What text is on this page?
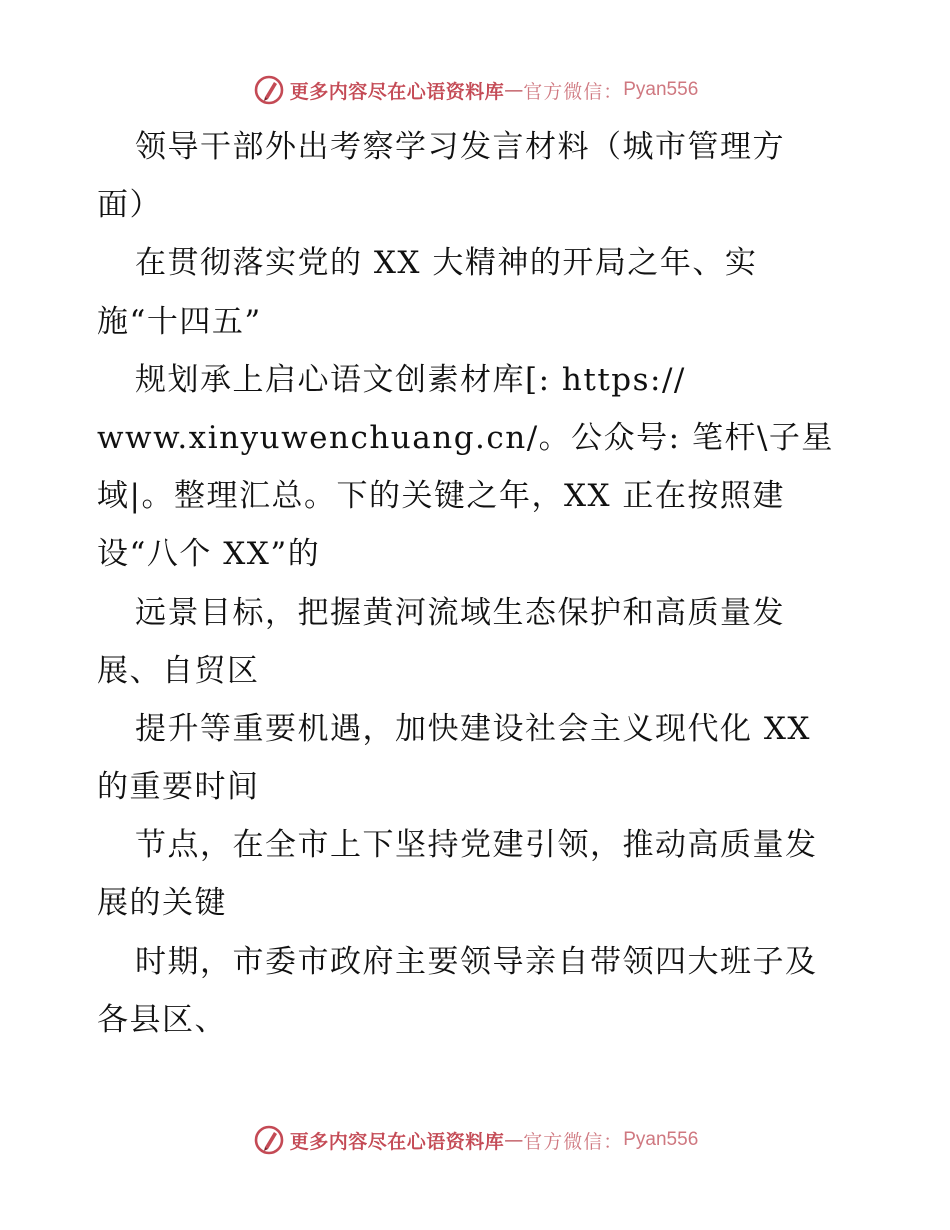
更多内容尽在心语资料库 — 官方微信： Pyan556
领导干部外出考察学习发言材料（城市管理方
面）
在贯彻落实党的 XX 大精神的开局之年、实
施“十四五”
规划承上启心语文创素材库[: https://
www.xinyuwenchuang.cn/。公众号: 笔杆\子星
域|。整理汇总。下的关键之年，XX 正在按照建
设“八个 XX”的
远景目标，把握黄河流域生态保护和高质量发
展、自贸区
提升等重要机遇，加快建设社会主义现代化 XX
的重要时间
节点，在全市上下坚持党建引领，推动高质量发
展的关键
时期，市委市政府主要领导亲自带领四大班子及
各县区、
更多内容尽在心语资料库 — 官方微信： Pyan556
